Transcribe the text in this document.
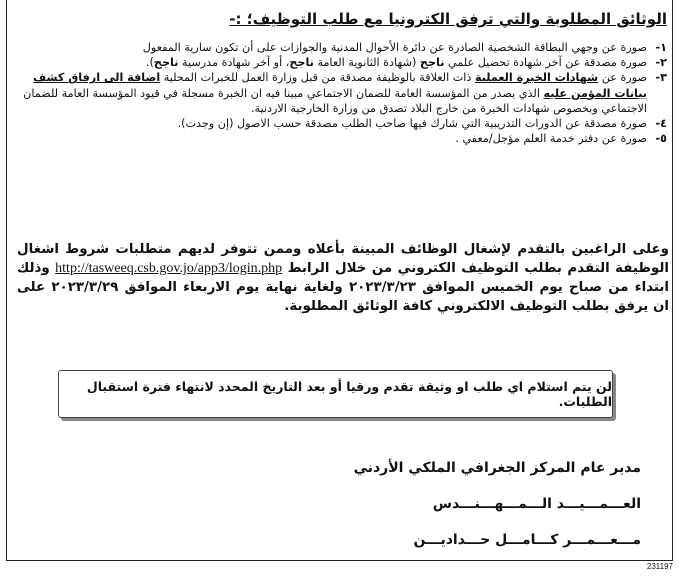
الوثائق المطلوبة والتي ترفق الكترونيا مع طلب التوظيف؛ :-
١-
صورة عن وجهي البطاقة الشخصية الصادرة عن دائرة الأحوال المدنية والجوازات على أن تكون سارية المفعول
٢-
صورة مصدقة عن آخر شهادة تحصيل علمي ناجح (شهادة الثانوية العامة ناجح، أو آخر شهادة مدرسية ناجح).
٣-
صورة عن شهادات الخبرة العملية ذات العلاقة بالوظيفة مصدقة من قبل وزارة العمل للخبرات المحلية اضافة الى ارفاق كشف بيانات المؤمن عليه الذي يصدر من المؤسسة العامة للضمان الاجتماعي مبينا فيه ان الخبرة مسجلة في قيود المؤسسة العامة للضمان الاجتماعي وبخصوص شهادات الخبرة من خارج البلاد تصدق من وزارة الخارجية الاردنية.
٤-
صورة مصدقة عن الدورات التدريبية التي شارك فيها صاحب الطلب مصدقة حسب الاصول (إن وجدت).
٥-
صورة عن دفتر خدمة العلم مؤجل/معفي .
وعلى الراغبين بالتقدم لإشغال الوظائف المبينة بأعلاه وممن تتوفر لديهم متطلبات شروط اشغال الوظيفة التقدم بطلب التوظيف الكتروني من خلال الرابط http://tasweeq.csb.gov.jo/app3/login.php وذلك ابتداء من صباح يوم الخميس الموافق ٢٠٢٣/٣/٢٣ ولغاية نهاية يوم الاربعاء الموافق ٢٠٢٣/٣/٢٩ على ان يرفق بطلب التوظيف الالكتروني كافة الوثائق المطلوبة.
لن يتم استلام اي طلب او وثيقة تقدم ورقيا أو بعد التاريخ المحدد لانتهاء فترة استقبال الطلبات.
مدير عام المركز الجغرافي الملكي الأردني
العـــمـــيـــد الـــمـــهـــنـــدس
مـــعـــمـــر كـــامـــل حـــداديـــن
231197
